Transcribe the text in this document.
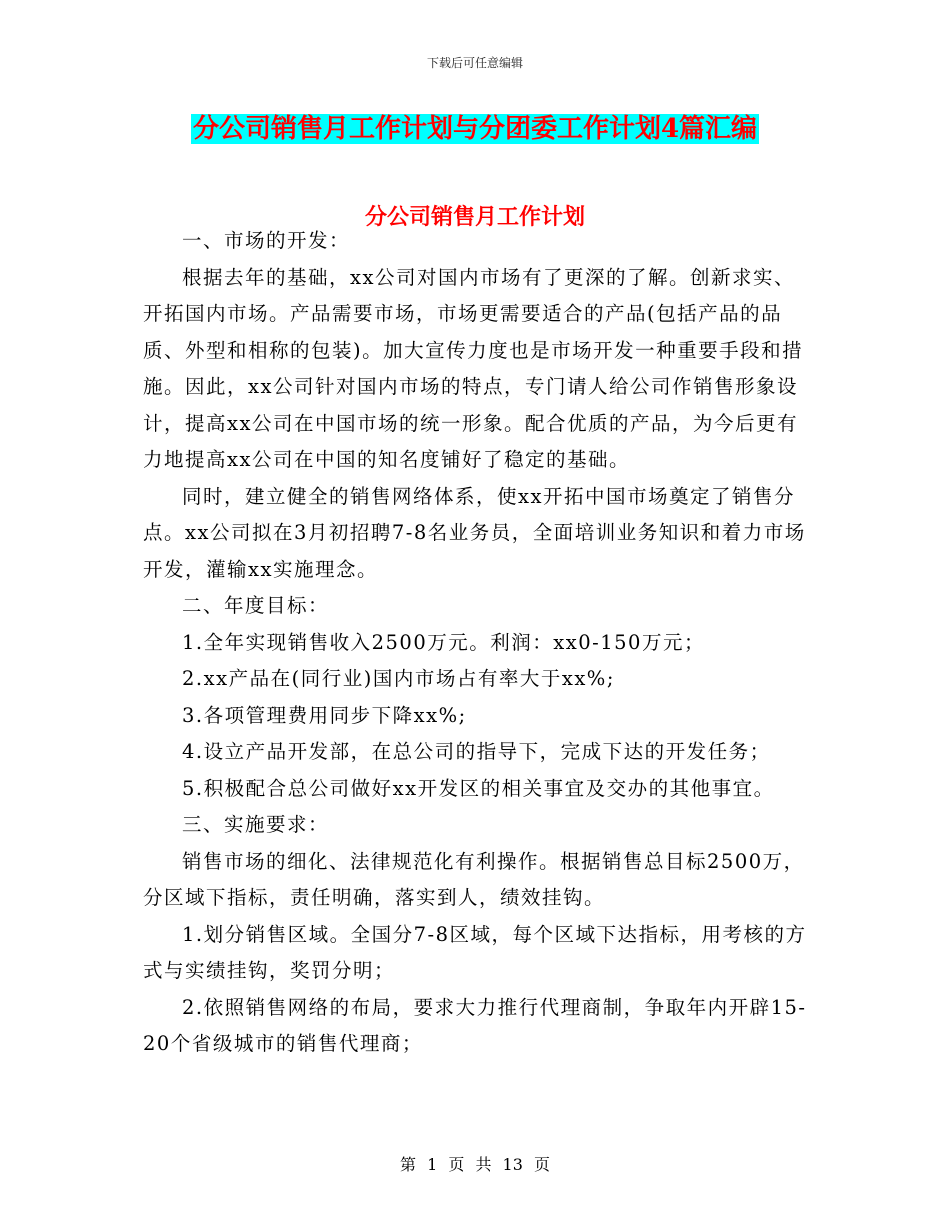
下载后可任意编辑
分公司销售月工作计划与分团委工作计划4篇汇编
分公司销售月工作计划

一、市场的开发：

根据去年的基础，xx公司对国内市场有了更深的了解。创新求实、开拓国内市场。产品需要市场，市场更需要适合的产品(包括产品的品质、外型和相称的包装)。加大宣传力度也是市场开发一种重要手段和措施。因此，xx公司针对国内市场的特点，专门请人给公司作销售形象设计，提高xx公司在中国市场的统一形象。配合优质的产品，为今后更有力地提高xx公司在中国的知名度铺好了稳定的基础。

同时，建立健全的销售网络体系，使xx开拓中国市场奠定了销售分点。xx公司拟在3月初招聘7-8名业务员，全面培训业务知识和着力市场开发，灌输xx实施理念。

二、年度目标：

1.全年实现销售收入2500万元。利润：xx0-150万元；

2.xx产品在(同行业)国内市场占有率大于xx%;

3.各项管理费用同步下降xx%;

4.设立产品开发部，在总公司的指导下，完成下达的开发任务；

5.积极配合总公司做好xx开发区的相关事宜及交办的其他事宜。

三、实施要求：

销售市场的细化、法律规范化有利操作。根据销售总目标2500万，分区域下指标，责任明确，落实到人，绩效挂钩。

1.划分销售区域。全国分7-8区域，每个区域下达指标，用考核的方式与实绩挂钩，奖罚分明；

2.依照销售网络的布局，要求大力推行代理商制，争取年内开辟15-20个省级城市的销售代理商；

第 1 页 共 13 页
